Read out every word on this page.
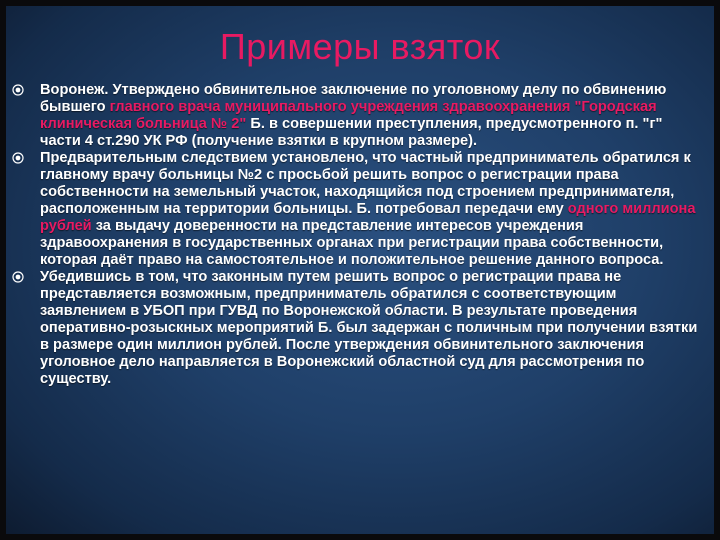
Примеры взяток
Воронеж. Утверждено обвинительное заключение по уголовному делу по обвинению бывшего главного врача муниципального учреждения здравоохранения "Городская клиническая больница № 2" Б. в совершении преступления, предусмотренного п. "г" части 4 ст.290 УК РФ (получение взятки в крупном размере).
Предварительным следствием установлено, что частный предприниматель обратился к главному врачу больницы №2 с просьбой решить вопрос о регистрации права собственности на земельный участок, находящийся под строением предпринимателя, расположенным на территории больницы. Б. потребовал передачи ему одного миллиона рублей за выдачу доверенности на представление интересов учреждения здравоохранения в государственных органах при регистрации права собственности, которая даёт право на самостоятельное и положительное решение данного вопроса.
Убедившись в том, что законным путем решить вопрос о регистрации права не представляется возможным, предприниматель обратился с соответствующим заявлением в УБОП при ГУВД по Воронежской области. В результате проведения оперативно-розыскных мероприятий Б. был задержан с поличным при получении взятки в размере один миллион рублей. После утверждения обвинительного заключения уголовное дело направляется в Воронежский областной суд для рассмотрения по существу.
